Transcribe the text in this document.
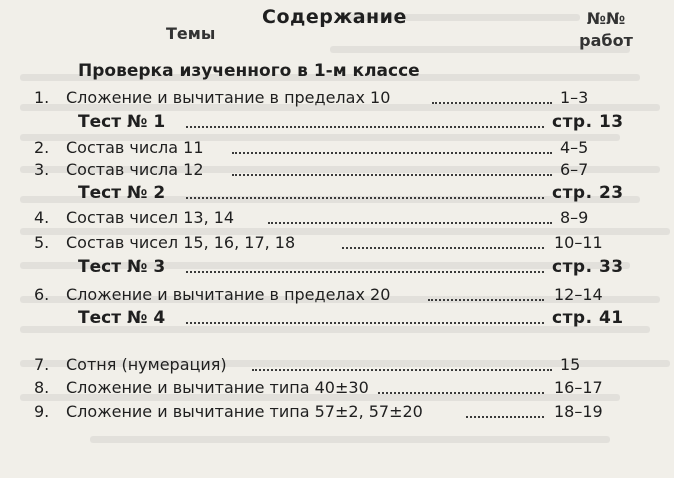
Содержание
Темы
№№
работ
Проверка изученного в 1-м классе
1. Сложение и вычитание в пределах 10	1–3
Тест № 1	стр. 13
2. Состав числа 11	4–5
3. Состав числа 12	6–7
Тест № 2	стр. 23
4. Состав чисел 13, 14	8–9
5. Состав чисел 15, 16, 17, 18	10–11
Тест № 3	стр. 33
6. Сложение и вычитание в пределах 20	12–14
Тест № 4	стр. 41
7. Сотня (нумерация)	15
8. Сложение и вычитание типа 40±30	16–17
9. Сложение и вычитание типа 57±2, 57±20	18–19
